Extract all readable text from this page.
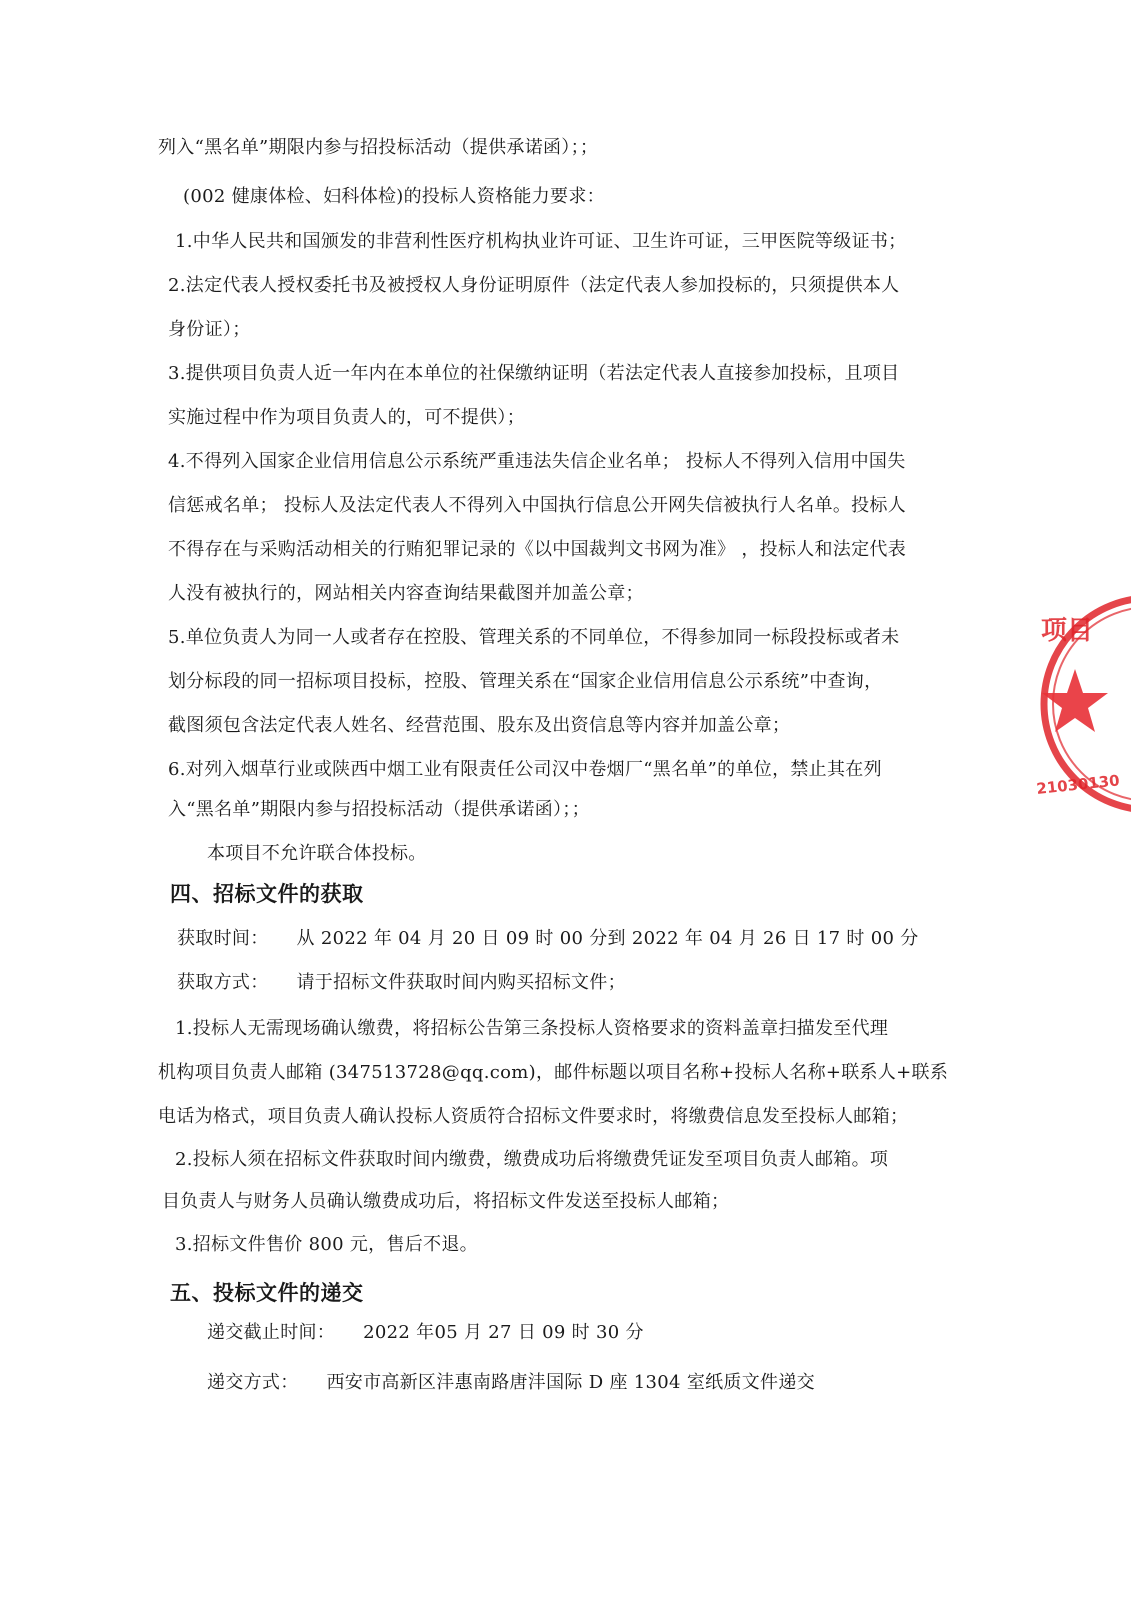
列入“黑名单”期限内参与招投标活动（提供承诺函）；；
(002 健康体检、妇科体检)的投标人资格能力要求：
1.中华人民共和国颁发的非营利性医疗机构执业许可证、卫生许可证，三甲医院等级证书；
2.法定代表人授权委托书及被授权人身份证明原件（法定代表人参加投标的，只须提供本人
身份证）；
3.提供项目负责人近一年内在本单位的社保缴纳证明（若法定代表人直接参加投标，且项目
实施过程中作为项目负责人的，可不提供）；
4.不得列入国家企业信用信息公示系统严重违法失信企业名单； 投标人不得列入信用中国失
信惩戒名单； 投标人及法定代表人不得列入中国执行信息公开网失信被执行人名单。投标人
不得存在与采购活动相关的行贿犯罪记录的《以中国裁判文书网为准》 ，投标人和法定代表
人没有被执行的，网站相关内容查询结果截图并加盖公章；
5.单位负责人为同一人或者存在控股、管理关系的不同单位，不得参加同一标段投标或者未
划分标段的同一招标项目投标，控股、管理关系在“国家企业信用信息公示系统”中查询，
截图须包含法定代表人姓名、经营范围、股东及出资信息等内容并加盖公章；
6.对列入烟草行业或陕西中烟工业有限责任公司汉中卷烟厂“黑名单”的单位，禁止其在列
入“黑名单”期限内参与招投标活动（提供承诺函）；；
本项目不允许联合体投标。
四、招标文件的获取
获取时间： 从 2022 年 04 月 20 日 09 时 00 分到 2022 年 04 月 26 日 17 时 00 分
获取方式： 请于招标文件获取时间内购买招标文件；
1.投标人无需现场确认缴费，将招标公告第三条投标人资格要求的资料盖章扫描发至代理
机构项目负责人邮箱 (347513728@qq.com)，邮件标题以项目名称+投标人名称+联系人+联系
电话为格式，项目负责人确认投标人资质符合招标文件要求时，将缴费信息发至投标人邮箱；
2.投标人须在招标文件获取时间内缴费，缴费成功后将缴费凭证发至项目负责人邮箱。项
目负责人与财务人员确认缴费成功后，将招标文件发送至投标人邮箱；
3.招标文件售价 800 元，售后不退。
五、投标文件的递交
递交截止时间： 2022 年05 月 27 日 09 时 30 分
递交方式： 西安市高新区沣惠南路唐沣国际 D 座 1304 室纸质文件递交
项目
21030130
